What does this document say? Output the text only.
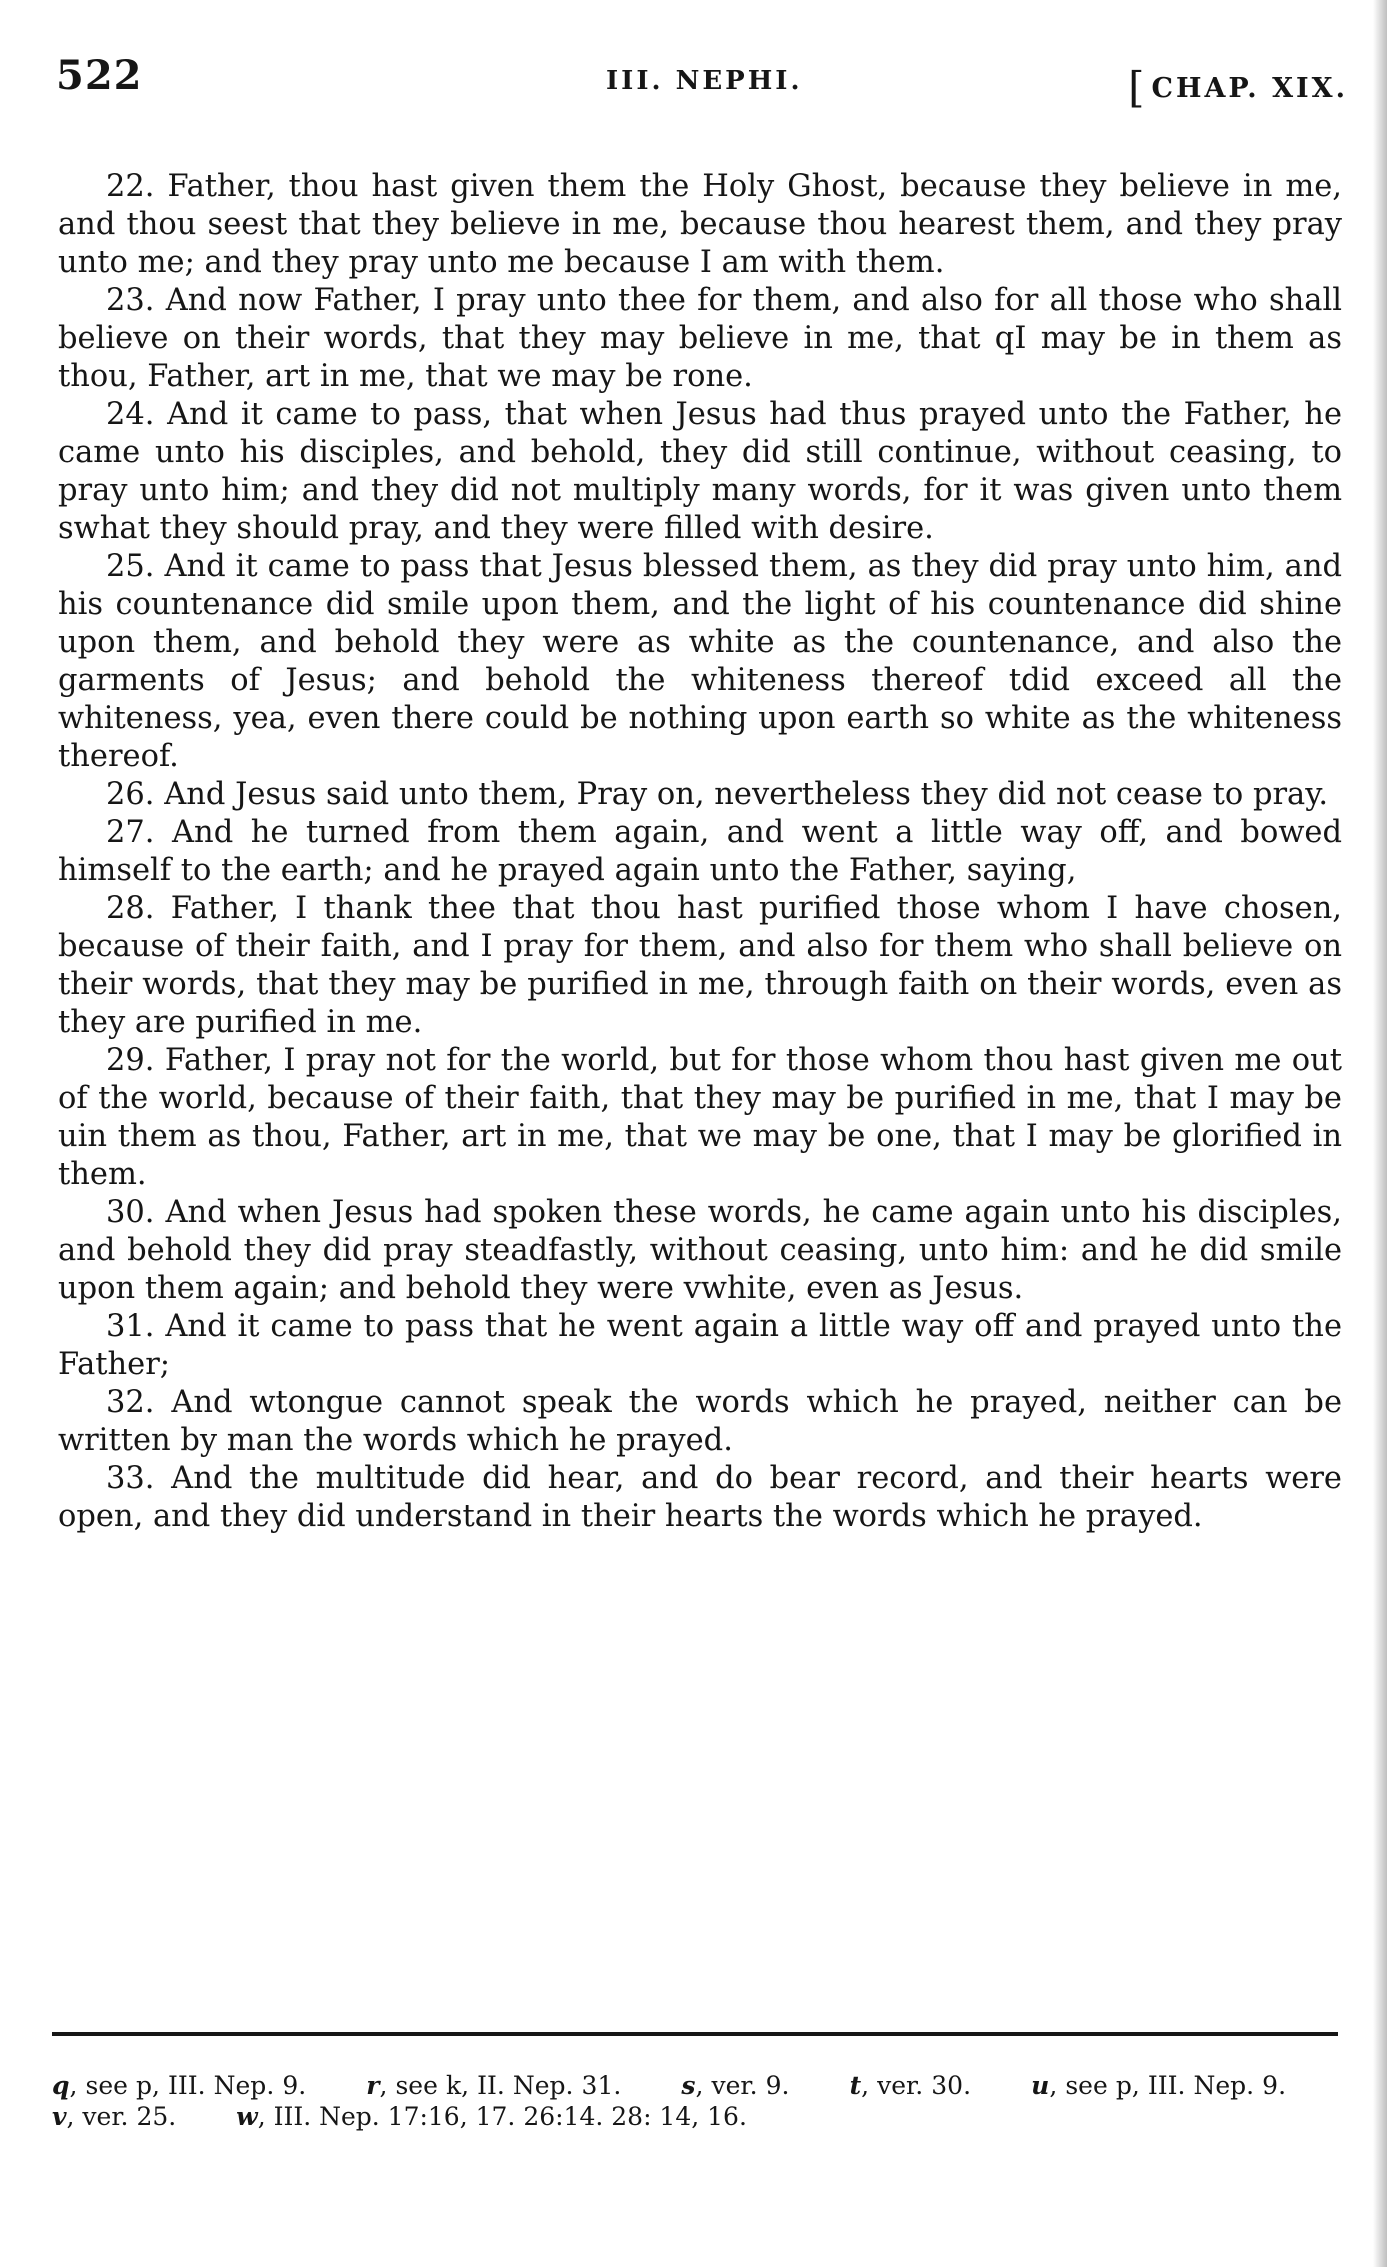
522	III. NEPHI.	[ CHAP. XIX.

22. Father, thou hast given them the Holy Ghost, because they believe in me, and thou seest that they believe in me, because thou hearest them, and they pray unto me; and they pray unto me because I am with them.

23. And now Father, I pray unto thee for them, and also for all those who shall believe on their words, that they may believe in me, that qI may be in them as thou, Father, art in me, that we may be rone.

24. And it came to pass, that when Jesus had thus prayed unto the Father, he came unto his disciples, and behold, they did still continue, without ceasing, to pray unto him; and they did not multiply many words, for it was given unto them swhat they should pray, and they were filled with desire.

25. And it came to pass that Jesus blessed them, as they did pray unto him, and his countenance did smile upon them, and the light of his countenance did shine upon them, and behold they were as white as the countenance, and also the garments of Jesus; and behold the whiteness thereof tdid exceed all the whiteness, yea, even there could be nothing upon earth so white as the whiteness thereof.

26. And Jesus said unto them, Pray on, nevertheless they did not cease to pray.

27. And he turned from them again, and went a little way off, and bowed himself to the earth; and he prayed again unto the Father, saying,

28. Father, I thank thee that thou hast purified those whom I have chosen, because of their faith, and I pray for them, and also for them who shall believe on their words, that they may be purified in me, through faith on their words, even as they are purified in me.

29. Father, I pray not for the world, but for those whom thou hast given me out of the world, because of their faith, that they may be purified in me, that I may be uin them as thou, Father, art in me, that we may be one, that I may be glorified in them.

30. And when Jesus had spoken these words, he came again unto his disciples, and behold they did pray steadfastly, without ceasing, unto him: and he did smile upon them again; and behold they were vwhite, even as Jesus.

31. And it came to pass that he went again a little way off and prayed unto the Father;

32. And wtongue cannot speak the words which he prayed, neither can be written by man the words which he prayed.

33. And the multitude did hear, and do bear record, and their hearts were open, and they did understand in their hearts the words which he prayed.

q, see p, III. Nep. 9. r, see k, II. Nep. 31. s, ver. 9. t, ver. 30. u, see p, III. Nep. 9. v, ver. 25. w, III. Nep. 17:16, 17. 26:14. 28: 14, 16.
